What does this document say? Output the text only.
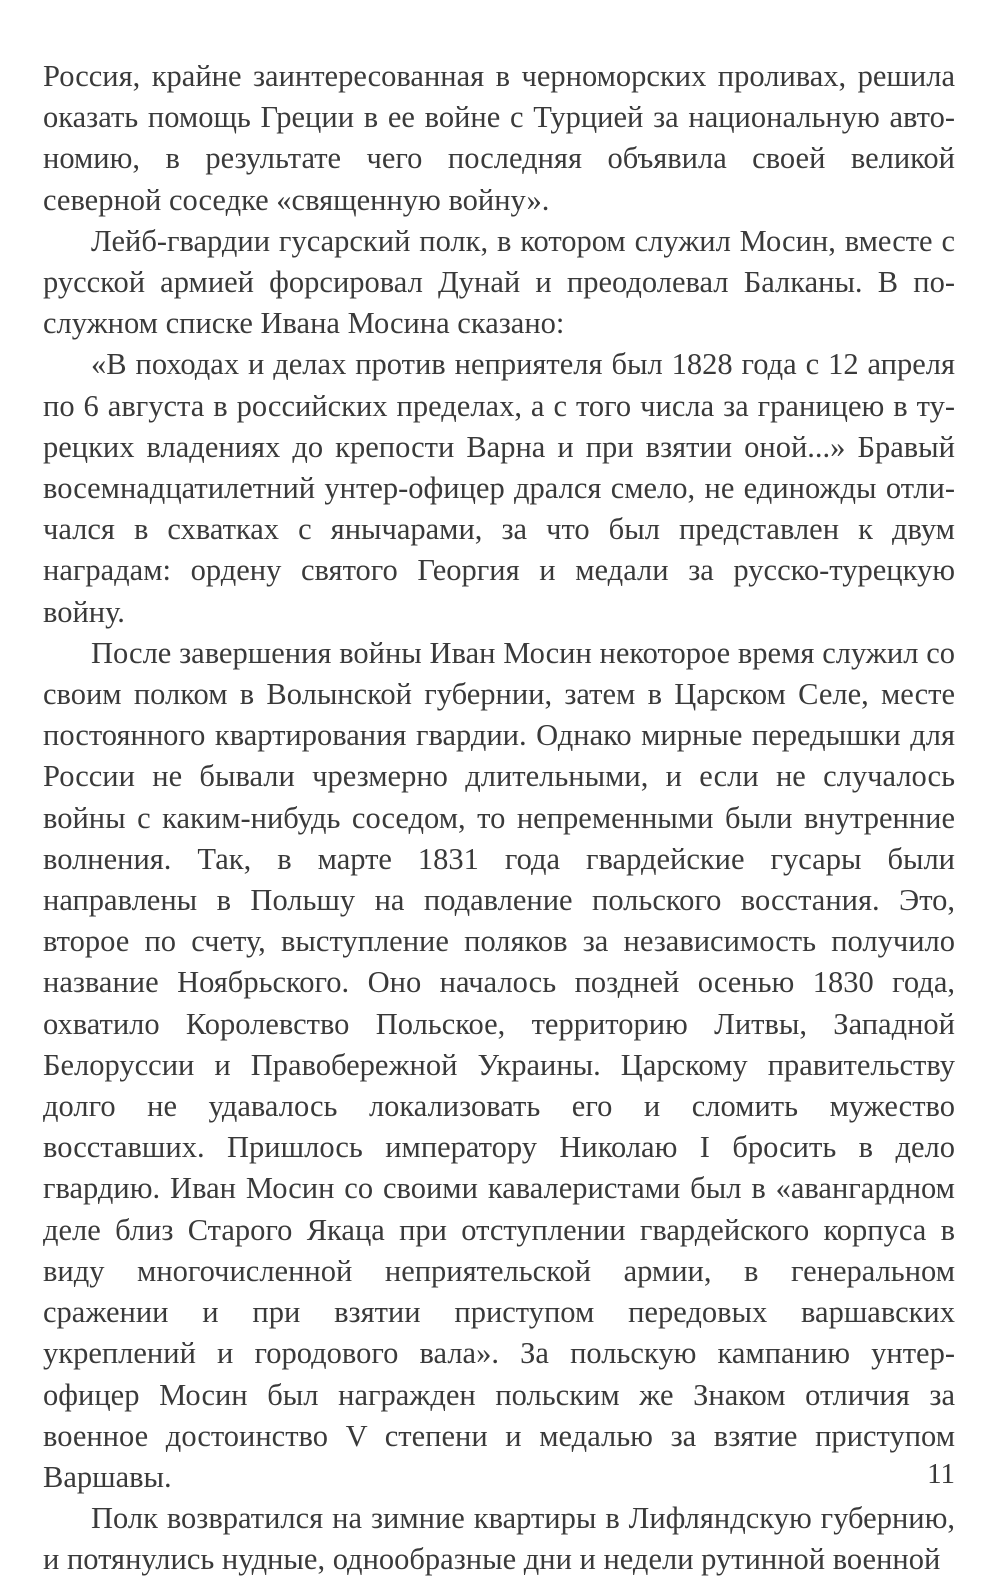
Россия, крайне заинтересованная в черноморских проливах, решила оказать помощь Греции в ее войне с Турцией за национальную автономию, в результате чего последняя объявила своей великой северной соседке «священную войну».

Лейб-гвардии гусарский полк, в котором служил Мосин, вместе с русской армией форсировал Дунай и преодолевал Балканы. В послужном списке Ивана Мосина сказано:

«В походах и делах против неприятеля был 1828 года с 12 апреля по 6 августа в российских пределах, а с того числа за границею в турецких владениях до крепости Варна и при взятии оной...» Бравый восемнадцатилетний унтер-офицер дрался смело, не единожды отличался в схватках с янычарами, за что был представлен к двум наградам: ордену святого Георгия и медали за русско-турецкую войну.

После завершения войны Иван Мосин некоторое время служил со своим полком в Волынской губернии, затем в Царском Селе, месте постоянного квартирования гвардии. Однако мирные передышки для России не бывали чрезмерно длительными, и если не случалось войны с каким-нибудь соседом, то непременными были внутренние волнения. Так, в марте 1831 года гвардейские гусары были направлены в Польшу на подавление польского восстания. Это, второе по счету, выступление поляков за независимость получило название Ноябрьского. Оно началось поздней осенью 1830 года, охватило Королевство Польское, территорию Литвы, Западной Белоруссии и Правобережной Украины. Царскому правительству долго не удавалось локализовать его и сломить мужество восставших. Пришлось императору Николаю I бросить в дело гвардию. Иван Мосин со своими кавалеристами был в «авангардном деле близ Старого Якаца при отступлении гвардейского корпуса в виду многочисленной неприятельской армии, в генеральном сражении и при взятии приступом передовых варшавских укреплений и городового вала». За польскую кампанию унтер-офицер Мосин был награжден польским же Знаком отличия за военное достоинство V степени и медалью за взятие приступом Варшавы.

Полк возвратился на зимние квартиры в Лифляндскую губернию, и потянулись нудные, однообразные дни и недели рутинной военной

11
